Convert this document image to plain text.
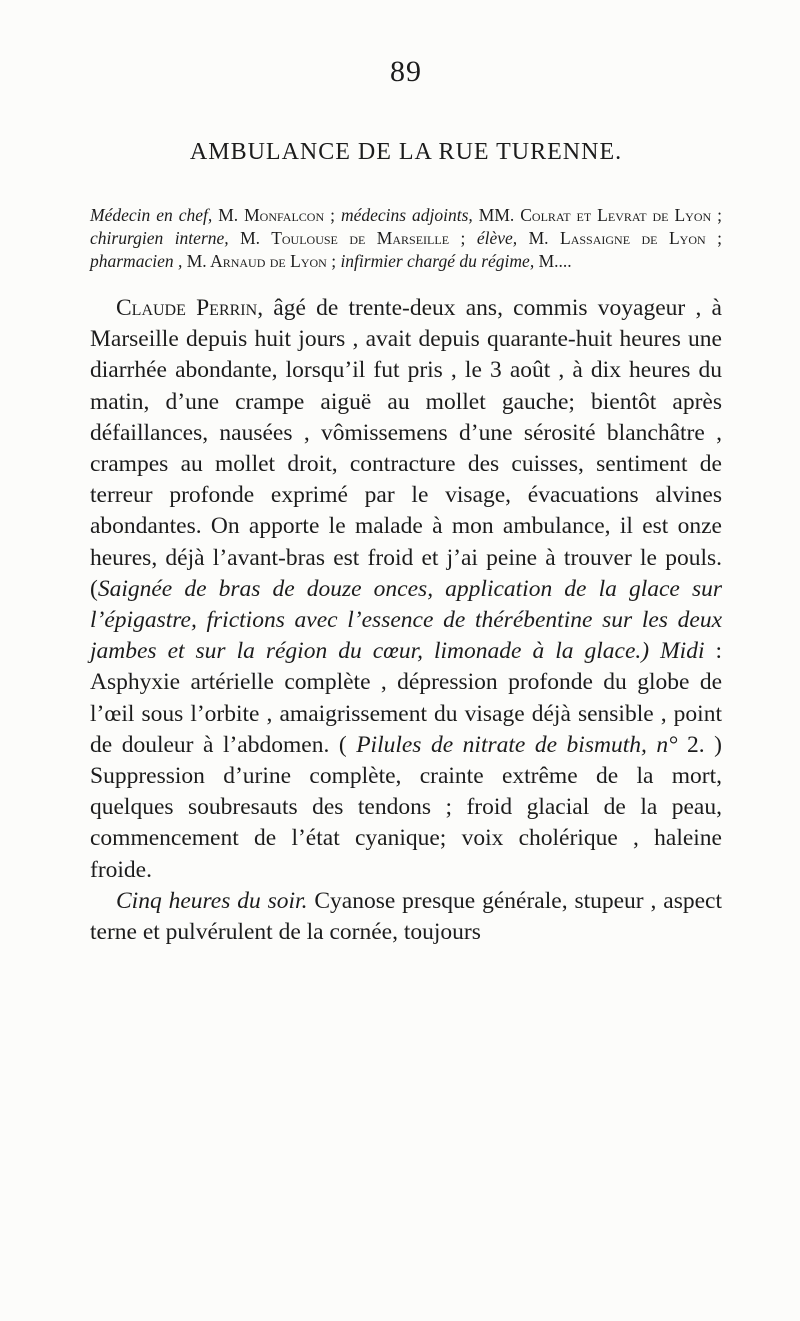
89
AMBULANCE DE LA RUE TURENNE.

Médecin en chef, M. Monfalcon ; médecins adjoints, MM. Colrat et Levrat de Lyon ; chirurgien interne, M. Toulouse de Marseille ; élève, M. Lassaigne de Lyon ; pharmacien , M. Arnaud de Lyon ; infirmier chargé du régime, M....

Claude Perrin, âgé de trente-deux ans, commis voyageur , à Marseille depuis huit jours , avait depuis quarante-huit heures une diarrhée abondante, lorsqu’il fut pris , le 3 août , à dix heures du matin, d’une crampe aiguë au mollet gauche; bientôt après défaillances, nausées , vômissemens d’une sérosité blanchâtre , crampes au mollet droit, contracture des cuisses, sentiment de terreur profonde exprimé par le visage, évacuations alvines abondantes. On apporte le malade à mon ambulance, il est onze heures, déjà l’avant-bras est froid et j’ai peine à trouver le pouls. (Saignée de bras de douze onces, application de la glace sur l’épigastre, frictions avec l’essence de thérébentine sur les deux jambes et sur la région du cœur, limonade à la glace.) Midi : Asphyxie artérielle complète , dépression profonde du globe de l’œil sous l’orbite , amaigrissement du visage déjà sensible , point de douleur à l’abdomen. ( Pilules de nitrate de bismuth, n° 2. ) Suppression d’urine complète, crainte extrême de la mort, quelques soubresauts des tendons ; froid glacial de la peau, commencement de l’état cyanique; voix cholérique , haleine froide.

Cinq heures du soir. Cyanose presque générale, stupeur , aspect terne et pulvérulent de la cornée, toujours
